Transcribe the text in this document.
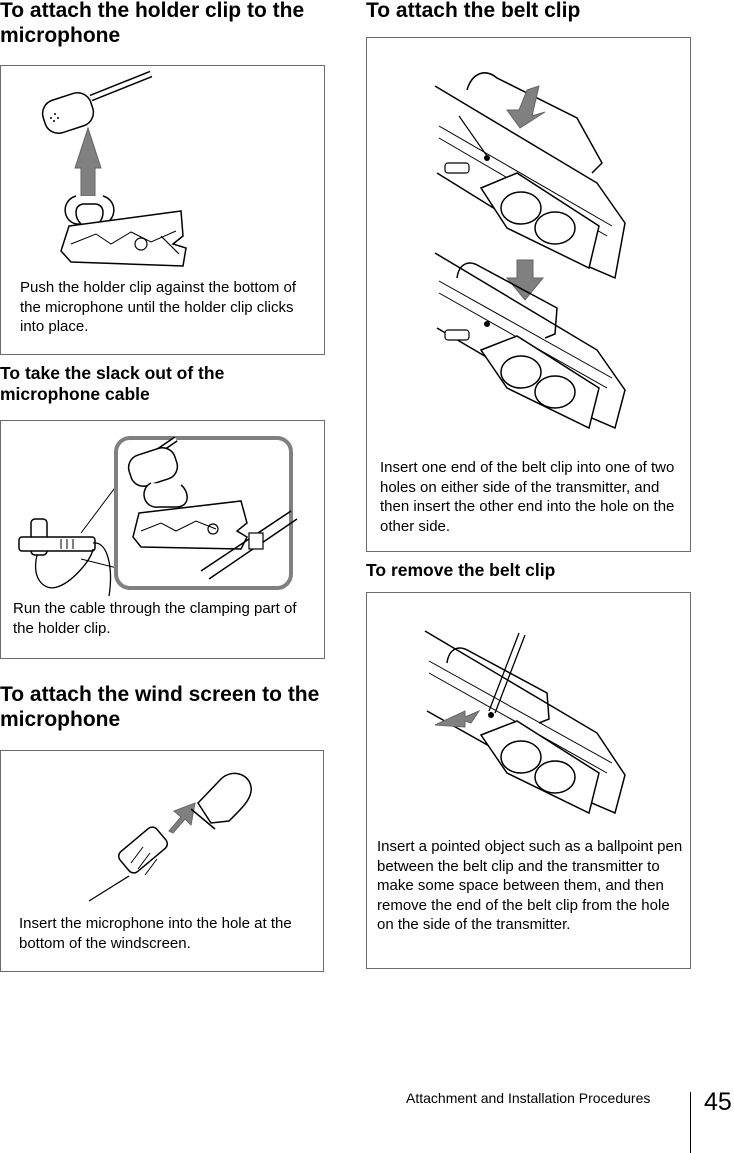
To attach the holder clip to the microphone
Push the holder clip against the bottom of the microphone until the holder clip clicks into place.
To take the slack out of the microphone cable
Run the cable through the clamping part of the holder clip.
To attach the wind screen to the microphone
Insert the microphone into the hole at the bottom of the windscreen.
To attach the belt clip
Insert one end of the belt clip into one of two holes on either side of the transmitter, and then insert the other end into the hole on the other side.
To remove the belt clip
Insert a pointed object such as a ballpoint pen between the belt clip and the transmitter to make some space between them, and then remove the end of the belt clip from the hole on the side of the transmitter.
Attachment and Installation Procedures 45
